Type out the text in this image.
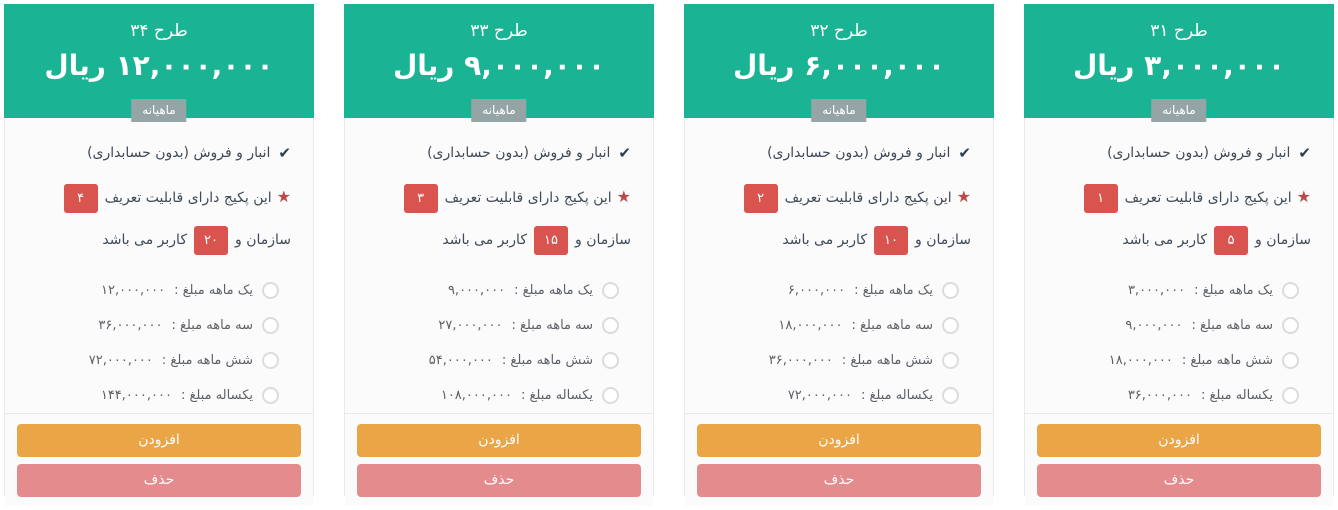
طرح ۳۱
۳,۰۰۰,۰۰۰ ریال
ماهیانه
✔
انبار و فروش (بدون حسابداری)
★این پکیج دارای قابلیت تعریف۱سازمان و۵کاربر می باشد
یک ماهه مبلغ :
۳,۰۰۰,۰۰۰
سه ماهه مبلغ :
۹,۰۰۰,۰۰۰
شش ماهه مبلغ :
۱۸,۰۰۰,۰۰۰
یکساله مبلغ :
۳۶,۰۰۰,۰۰۰
افزودن
حذف
طرح ۳۲
۶,۰۰۰,۰۰۰ ریال
ماهیانه
✔
انبار و فروش (بدون حسابداری)
★این پکیج دارای قابلیت تعریف۲سازمان و۱۰کاربر می باشد
یک ماهه مبلغ :
۶,۰۰۰,۰۰۰
سه ماهه مبلغ :
۱۸,۰۰۰,۰۰۰
شش ماهه مبلغ :
۳۶,۰۰۰,۰۰۰
یکساله مبلغ :
۷۲,۰۰۰,۰۰۰
افزودن
حذف
طرح ۳۳
۹,۰۰۰,۰۰۰ ریال
ماهیانه
✔
انبار و فروش (بدون حسابداری)
★این پکیج دارای قابلیت تعریف۳سازمان و۱۵کاربر می باشد
یک ماهه مبلغ :
۹,۰۰۰,۰۰۰
سه ماهه مبلغ :
۲۷,۰۰۰,۰۰۰
شش ماهه مبلغ :
۵۴,۰۰۰,۰۰۰
یکساله مبلغ :
۱۰۸,۰۰۰,۰۰۰
افزودن
حذف
طرح ۳۴
۱۲,۰۰۰,۰۰۰ ریال
ماهیانه
✔
انبار و فروش (بدون حسابداری)
★این پکیج دارای قابلیت تعریف۴سازمان و۲۰کاربر می باشد
یک ماهه مبلغ :
۱۲,۰۰۰,۰۰۰
سه ماهه مبلغ :
۳۶,۰۰۰,۰۰۰
شش ماهه مبلغ :
۷۲,۰۰۰,۰۰۰
یکساله مبلغ :
۱۴۴,۰۰۰,۰۰۰
افزودن
حذف
